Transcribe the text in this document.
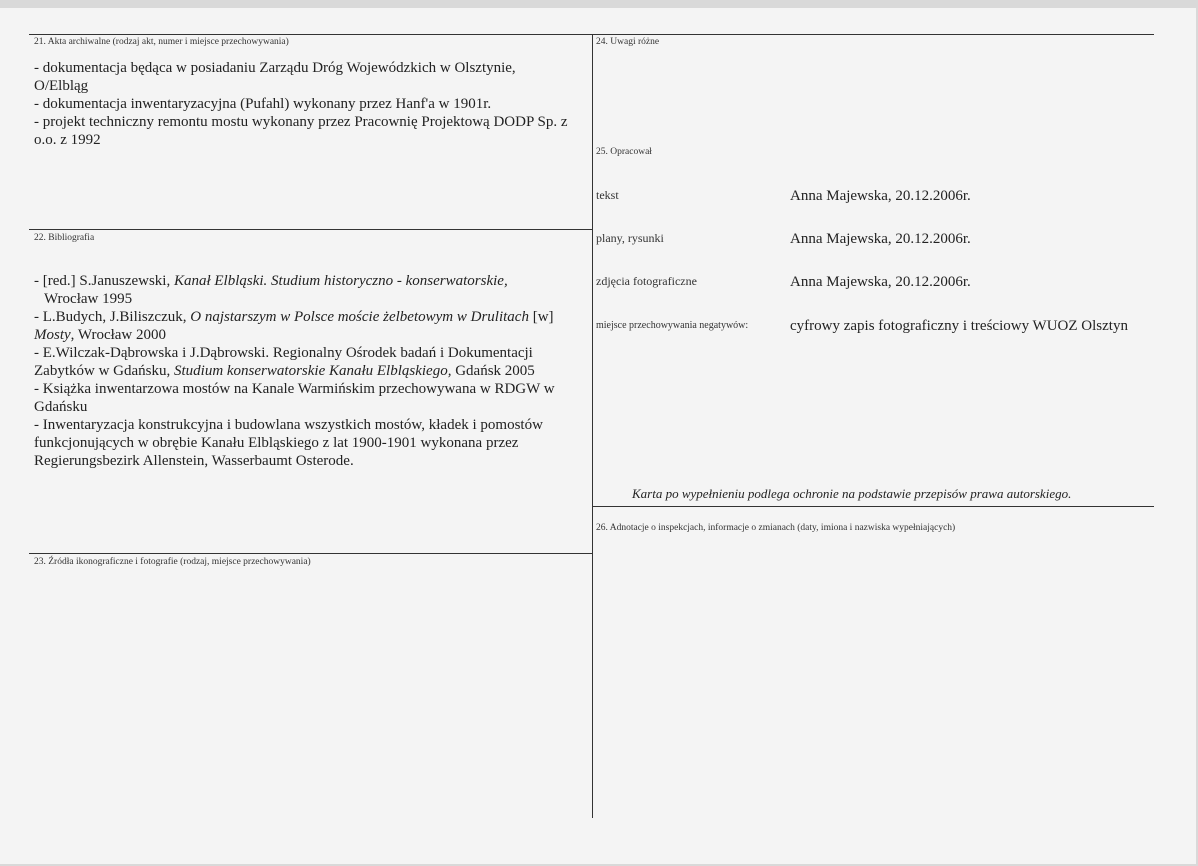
21. Akta archiwalne (rodzaj akt, numer i miejsce przechowywania)

- dokumentacja będąca w posiadaniu Zarządu Dróg Wojewódzkich w Olsztynie,

O/Elbląg

- dokumentacja inwentaryzacyjna (Pufahl) wykonany przez Hanf'a w 1901r.

- projekt techniczny remontu mostu wykonany przez Pracownię Projektową DODP Sp. z

o.o. z 1992

22. Bibliografia

- [red.] S.Januszewski, Kanał Elbląski. Studium historyczno - konserwatorskie,

Wrocław 1995

- L.Budych, J.Biliszczuk, O najstarszym w Polsce moście żelbetowym w Drulitach [w]

Mosty, Wrocław 2000

- E.Wilczak-Dąbrowska i J.Dąbrowski. Regionalny Ośrodek badań i Dokumentacji

Zabytków w Gdańsku, Studium konserwatorskie Kanału Elbląskiego, Gdańsk 2005

- Książka inwentarzowa mostów na Kanale Warmińskim przechowywana w RDGW w

Gdańsku

- Inwentaryzacja konstrukcyjna i budowlana wszystkich mostów, kładek i pomostów

funkcjonujących w obrębie Kanału Elbląskiego z lat 1900-1901 wykonana przez

Regierungsbezirk Allenstein, Wasserbaumt Osterode.

23. Źródła ikonograficzne i fotografie (rodzaj, miejsce przechowywania)
24. Uwagi różne
25. Opracował
tekst	Anna Majewska, 20.12.2006r.
plany, rysunki	Anna Majewska, 20.12.2006r.
zdjęcia fotograficzne	Anna Majewska, 20.12.2006r.
miejsce przechowywania negatywów:	cyfrowy zapis fotograficzny i treściowy WUOZ Olsztyn
Karta po wypełnieniu podlega ochronie na podstawie przepisów prawa autorskiego.
26. Adnotacje o inspekcjach, informacje o zmianach (daty, imiona i nazwiska wypełniających)
